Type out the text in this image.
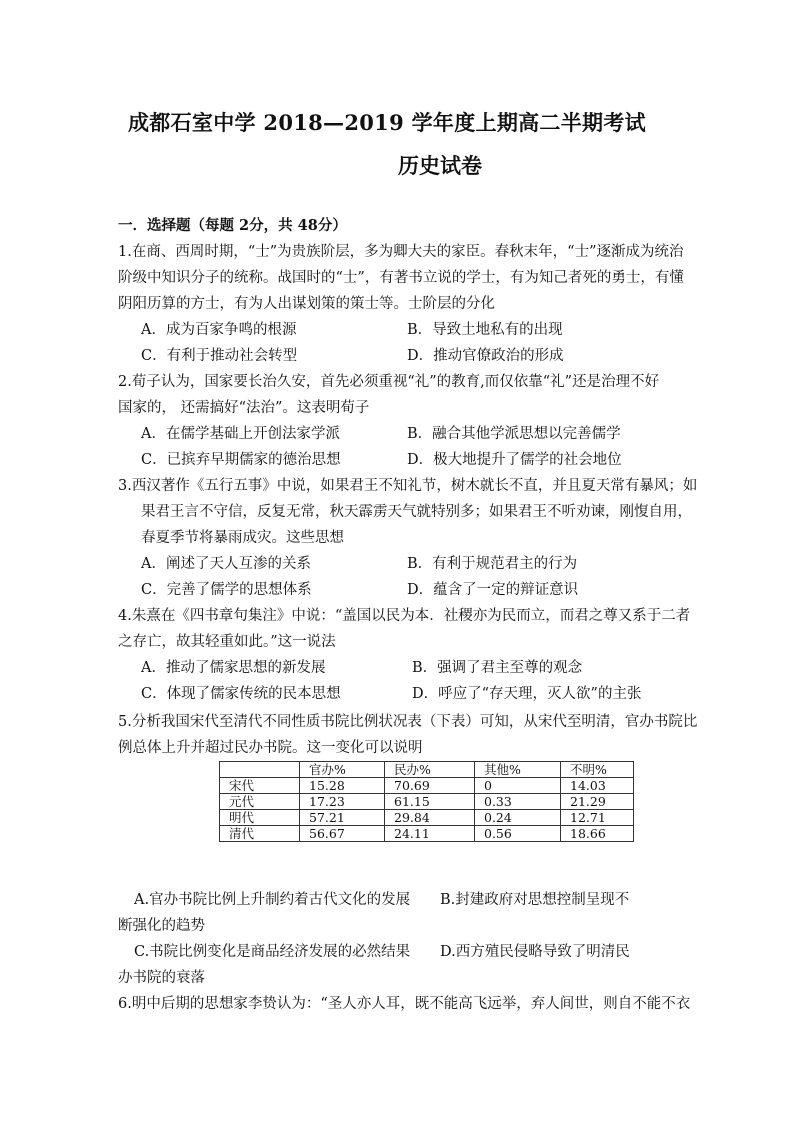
成都石室中学 2018—2019 学年度上期高二半期考试
历史试卷
一．选择题（每题 2分，共 48分）
1.在商、西周时期，“士”为贵族阶层，多为卿大夫的家臣。春秋末年，“士”逐渐成为统治
阶级中知识分子的统称。战国时的“士”，有著书立说的学士，有为知己者死的勇士，有懂
阴阳历算的方士，有为人出谋划策的策士等。士阶层的分化
A．成为百家争鸣的根源	B．导致土地私有的出现
C．有利于推动社会转型	D．推动官僚政治的形成
2.荀子认为，国家要长治久安，首先必须重视“礼”的教育,而仅依靠“礼”还是治理不好
国家的， 还需搞好“法治”。这表明荀子
A．在儒学基础上开创法家学派	B．融合其他学派思想以完善儒学
C．已摈弃早期儒家的德治思想	D．极大地提升了儒学的社会地位
3.西汉著作《五行五事》中说，如果君王不知礼节，树木就长不直，并且夏天常有暴风；如
果君王言不守信，反复无常，秋天霹雳天气就特别多；如果君王不听劝谏，刚愎自用，
春夏季节将暴雨成灾。这些思想
A．阐述了天人互渗的关系	B．有利于规范君主的行为
C．完善了儒学的思想体系	D．蕴含了一定的辩证意识
4.朱熹在《四书章句集注》中说：“盖国以民为本．社稷亦为民而立，而君之尊又系于二者
之存亡，故其轻重如此。”这一说法
A．推动了儒家思想的新发展	B．强调了君主至尊的观念
C．体现了儒家传统的民本思想	D．呼应了“存天理，灭人欲”的主张
5.分析我国宋代至清代不同性质书院比例状况表（下表）可知，从宋代至明清，官办书院比
例总体上升并超过民办书院。这一变化可以说明
	官办%	民办%	其他%	不明%
宋代	15.28	70.69	0	14.03
元代	17.23	61.15	0.33	21.29
明代	57.21	29.84	0.24	12.71
清代	56.67	24.11	0.56	18.66
A.官办书院比例上升制约着古代文化的发展 B.封建政府对思想控制呈现不
断强化的趋势
C.书院比例变化是商品经济发展的必然结果 D.西方殖民侵略导致了明清民
办书院的衰落
6.明中后期的思想家李贽认为：“圣人亦人耳，既不能高飞远举，弃人间世，则自不能不衣
